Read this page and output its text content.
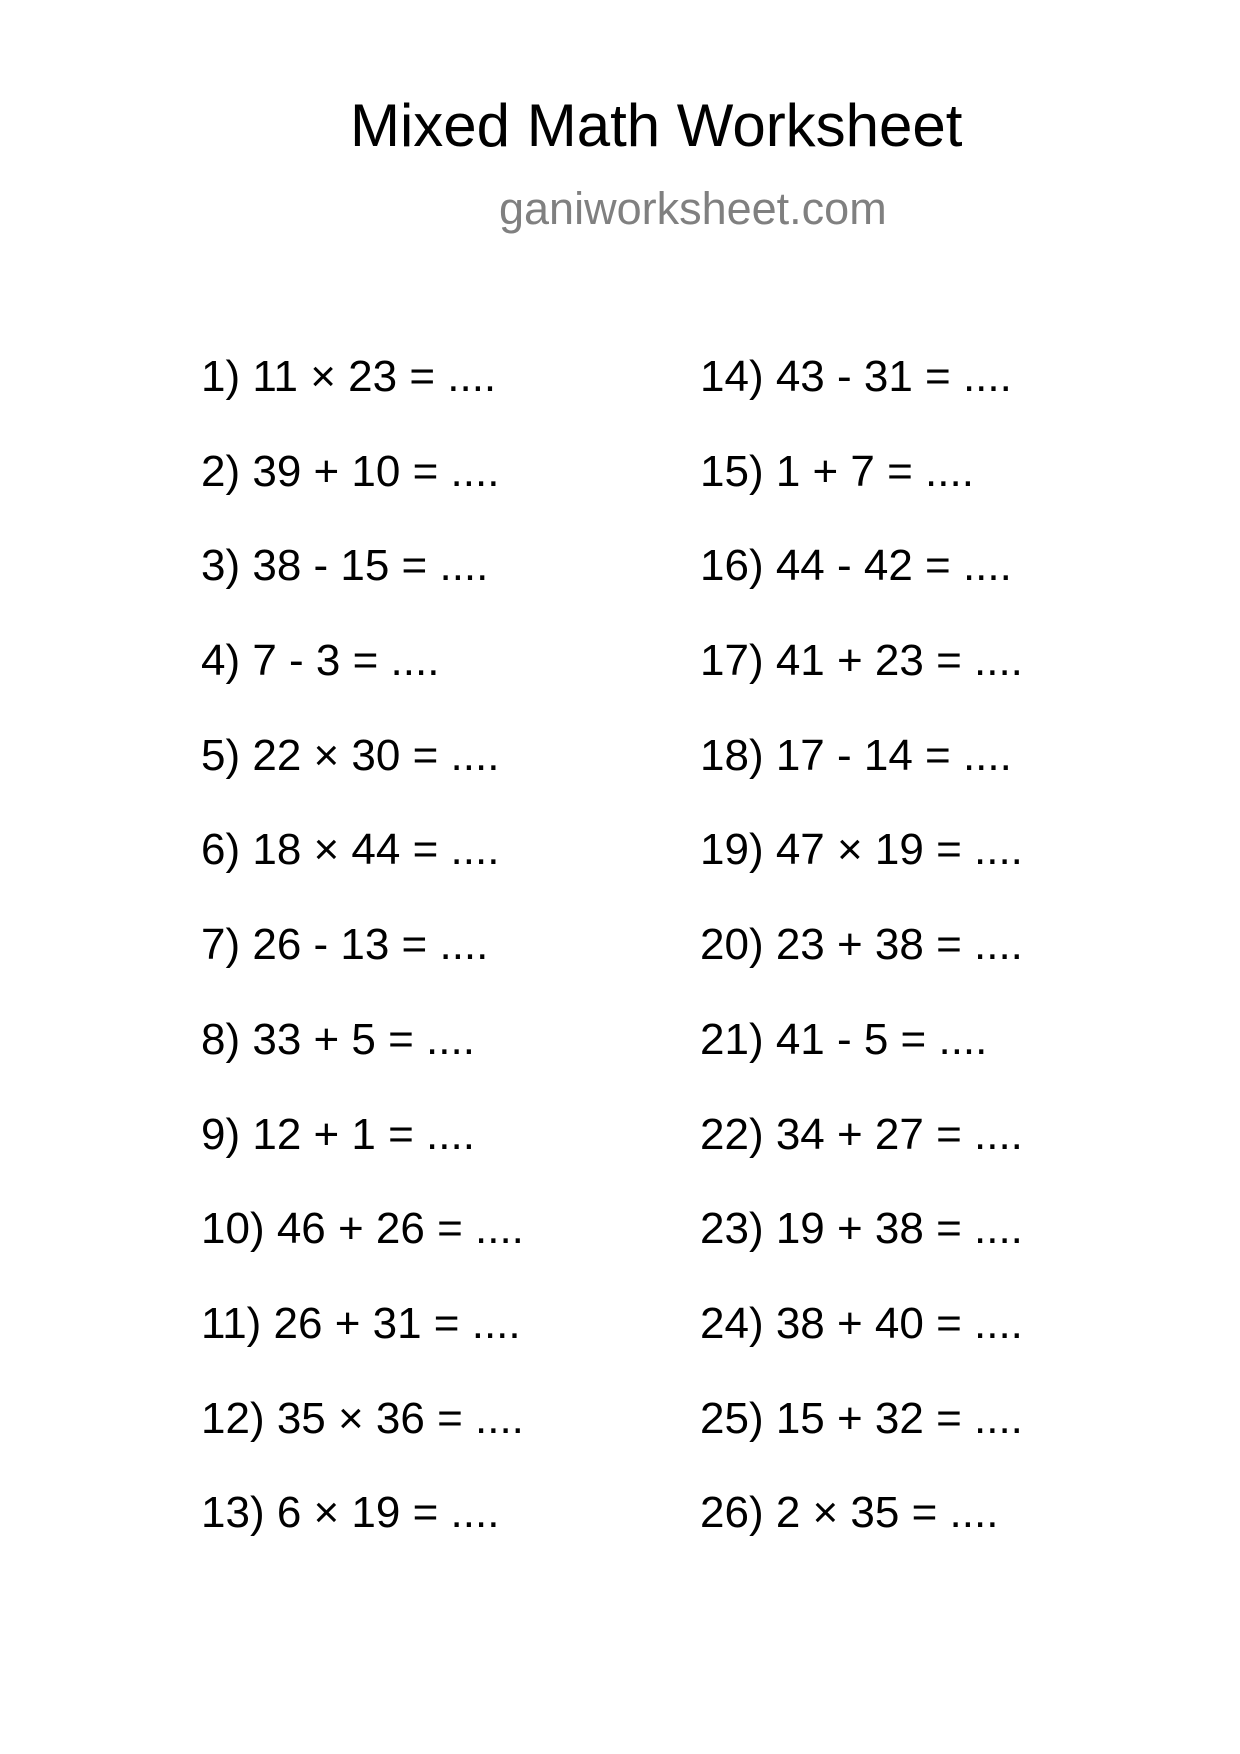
Mixed Math Worksheet
ganiworksheet.com
1) 11 × 23 = ....
2) 39 + 10 = ....
3) 38 - 15 = ....
4) 7 - 3 = ....
5) 22 × 30 = ....
6) 18 × 44 = ....
7) 26 - 13 = ....
8) 33 + 5 = ....
9) 12 + 1 = ....
10) 46 + 26 = ....
11) 26 + 31 = ....
12) 35 × 36 = ....
13) 6 × 19 = ....
14) 43 - 31 = ....
15) 1 + 7 = ....
16) 44 - 42 = ....
17) 41 + 23 = ....
18) 17 - 14 = ....
19) 47 × 19 = ....
20) 23 + 38 = ....
21) 41 - 5 = ....
22) 34 + 27 = ....
23) 19 + 38 = ....
24) 38 + 40 = ....
25) 15 + 32 = ....
26) 2 × 35 = ....
